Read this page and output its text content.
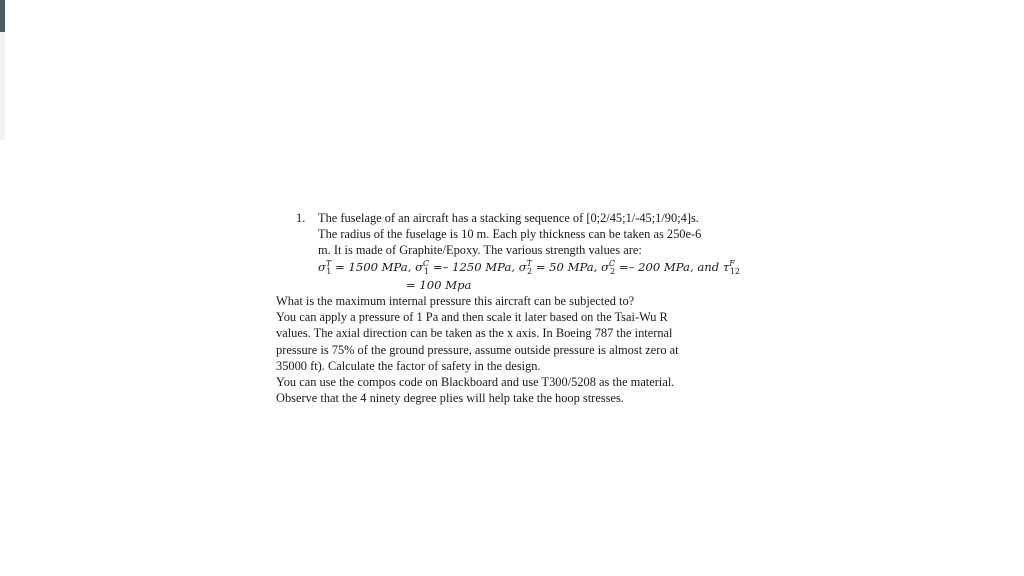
1.	The fuselage of an aircraft has a stacking sequence of [0;2/45;1/-45;1/90;4]s.
The radius of the fuselage is 10 m. Each ply thickness can be taken as 250e-6
m. It is made of Graphite/Epoxy. The various strength values are:
$\sigma^T_1 = 1500$ MPa, $\sigma^C_1 =- 1250$ MPa, $\sigma^T_2 = 50$ MPa, $\sigma^C_2 =- 200$ MPa, and $\tau^F_{12}$
= 100 Mpa
What is the maximum internal pressure this aircraft can be subjected to?
You can apply a pressure of 1 Pa and then scale it later based on the Tsai-Wu R
values. The axial direction can be taken as the x axis. In Boeing 787 the internal
pressure is 75% of the ground pressure, assume outside pressure is almost zero at
35000 ft). Calculate the factor of safety in the design.
You can use the compos code on Blackboard and use T300/5208 as the material.
Observe that the 4 ninety degree plies will help take the hoop stresses.
